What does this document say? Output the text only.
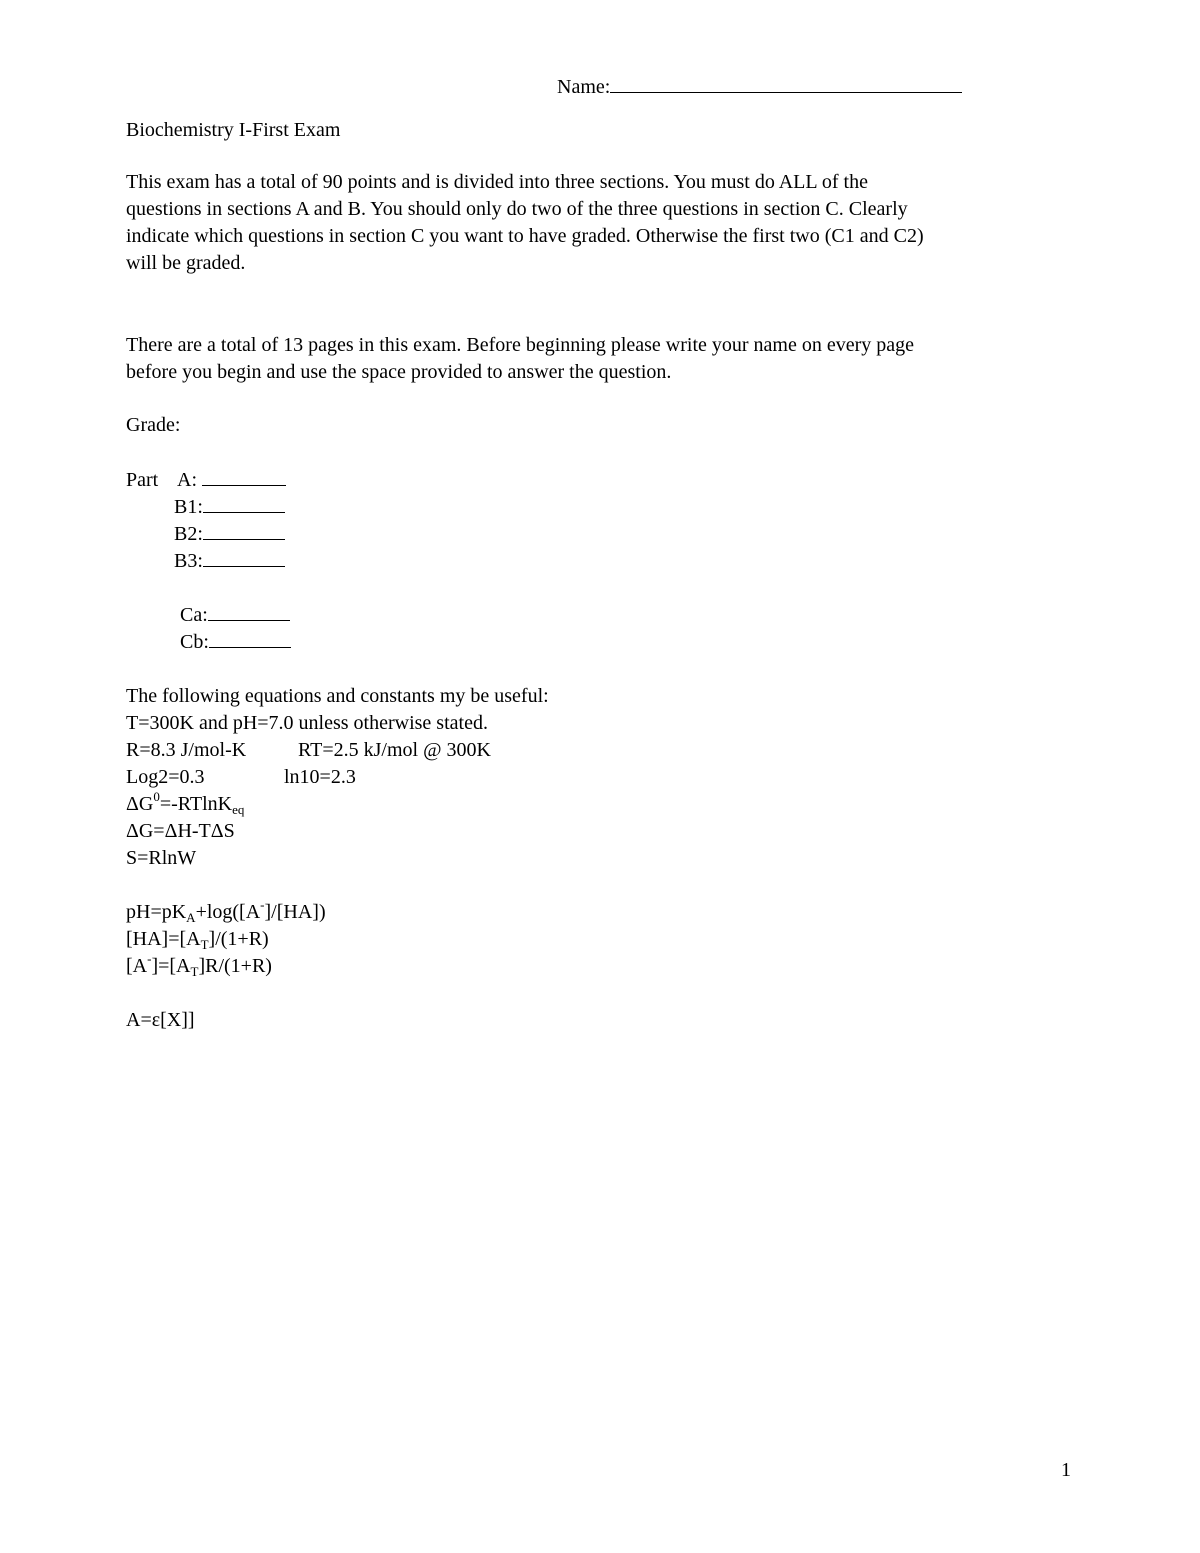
Name:
Biochemistry I-First Exam
This exam has a total of 90 points and is divided into three sections. You must do ALL of the
questions in sections A and B. You should only do two of the three questions in section C. Clearly
indicate which questions in section C you want to have graded. Otherwise the first two (C1 and C2)
will be graded.
There are a total of 13 pages in this exam. Before beginning please write your name on every page
before you begin and use the space provided to answer the question.
Grade:
Part A:
B1:
B2:
B3:
Ca:
Cb:
The following equations and constants my be useful:
T=300K and pH=7.0 unless otherwise stated.
R=8.3 J/mol-K	RT=2.5 kJ/mol @ 300K
Log2=0.3	ln10=2.3
$\Delta G^0=-RTlnK_{eq}$
ΔG=ΔH-TΔS
S=RlnW
$pH=pK_A+\log([A^-]/[HA])$
$[HA]=[A_T]/(1+R)$
$[A^-]=[A_T]R/(1+R)$
A=ε[X]]
1
